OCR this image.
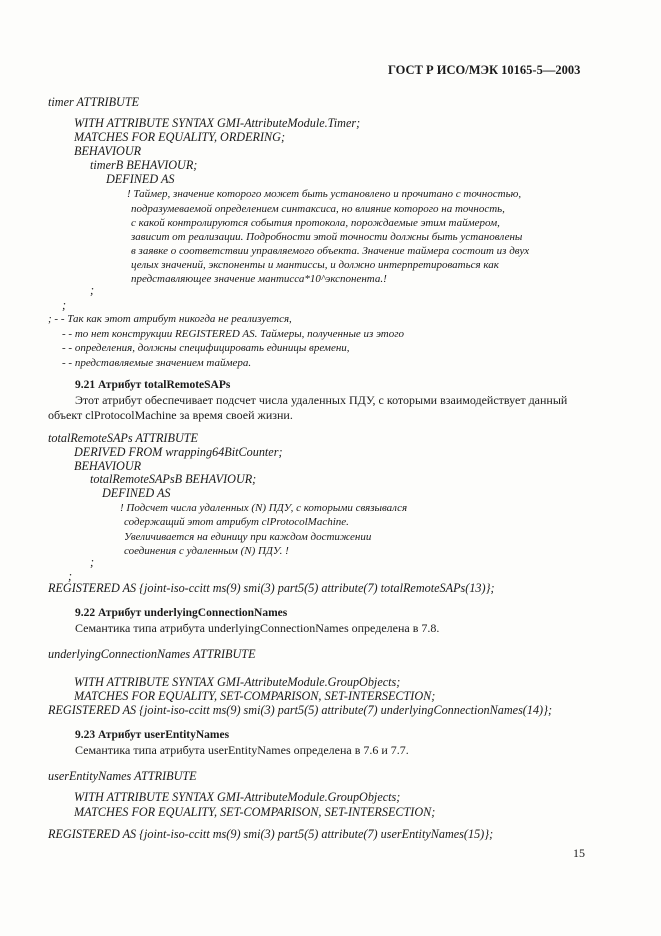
ГОСТ Р ИСО/МЭК 10165-5—2003
timer ATTRIBUTE
WITH ATTRIBUTE SYNTAX GMI-AttributeModule.Timer;
MATCHES FOR EQUALITY, ORDERING;
BEHAVIOUR
timerB BEHAVIOUR;
DEFINED AS
! Таймер, значение которого может быть установлено и прочитано с точностью,
подразумеваемой определением синтаксиса, но влияние которого на точность,
с какой контролируются события протокола, порождаемые этим таймером,
зависит от реализации. Подробности этой точности должны быть установлены
в заявке о соответствии управляемого объекта. Значение таймера состоит из двух
целых значений, экспоненты и мантиссы, и должно интерпретироваться как
представляющее значение мантисса*10^экспонента.!
;
;
; - - Так как этот атрибут никогда не реализуется,
- - то нет конструкции REGISTERED AS. Таймеры, полученные из этого
- - определения, должны специфицировать единицы времени,
- - представляемые значением таймера.
9.21 Атрибут totalRemoteSAPs
Этот атрибут обеспечивает подсчет числа удаленных ПДУ, с которыми взаимодействует данный
объект clProtocolMachine за время своей жизни.
totalRemoteSAPs ATTRIBUTE
DERIVED FROM wrapping64BitCounter;
BEHAVIOUR
totalRemoteSAPsB BEHAVIOUR;
DEFINED AS
! Подсчет числа удаленных (N) ПДУ, с которыми связывался
содержащий этот атрибут clProtocolMachine.
Увеличивается на единицу при каждом достижении
соединения с удаленным (N) ПДУ. !
;
;
REGISTERED AS {joint-iso-ccitt ms(9) smi(3) part5(5) attribute(7) totalRemoteSAPs(13)};
9.22 Атрибут underlyingConnectionNames
Семантика типа атрибута underlyingConnectionNames определена в 7.8.
underlyingConnectionNames ATTRIBUTE
WITH ATTRIBUTE SYNTAX GMI-AttributeModule.GroupObjects;
MATCHES FOR EQUALITY, SET-COMPARISON, SET-INTERSECTION;
REGISTERED AS {joint-iso-ccitt ms(9) smi(3) part5(5) attribute(7) underlyingConnectionNames(14)};
9.23 Атрибут userEntityNames
Семантика типа атрибута userEntityNames определена в 7.6 и 7.7.
userEntityNames ATTRIBUTE
WITH ATTRIBUTE SYNTAX GMI-AttributeModule.GroupObjects;
MATCHES FOR EQUALITY, SET-COMPARISON, SET-INTERSECTION;
REGISTERED AS {joint-iso-ccitt ms(9) smi(3) part5(5) attribute(7) userEntityNames(15)};
15
